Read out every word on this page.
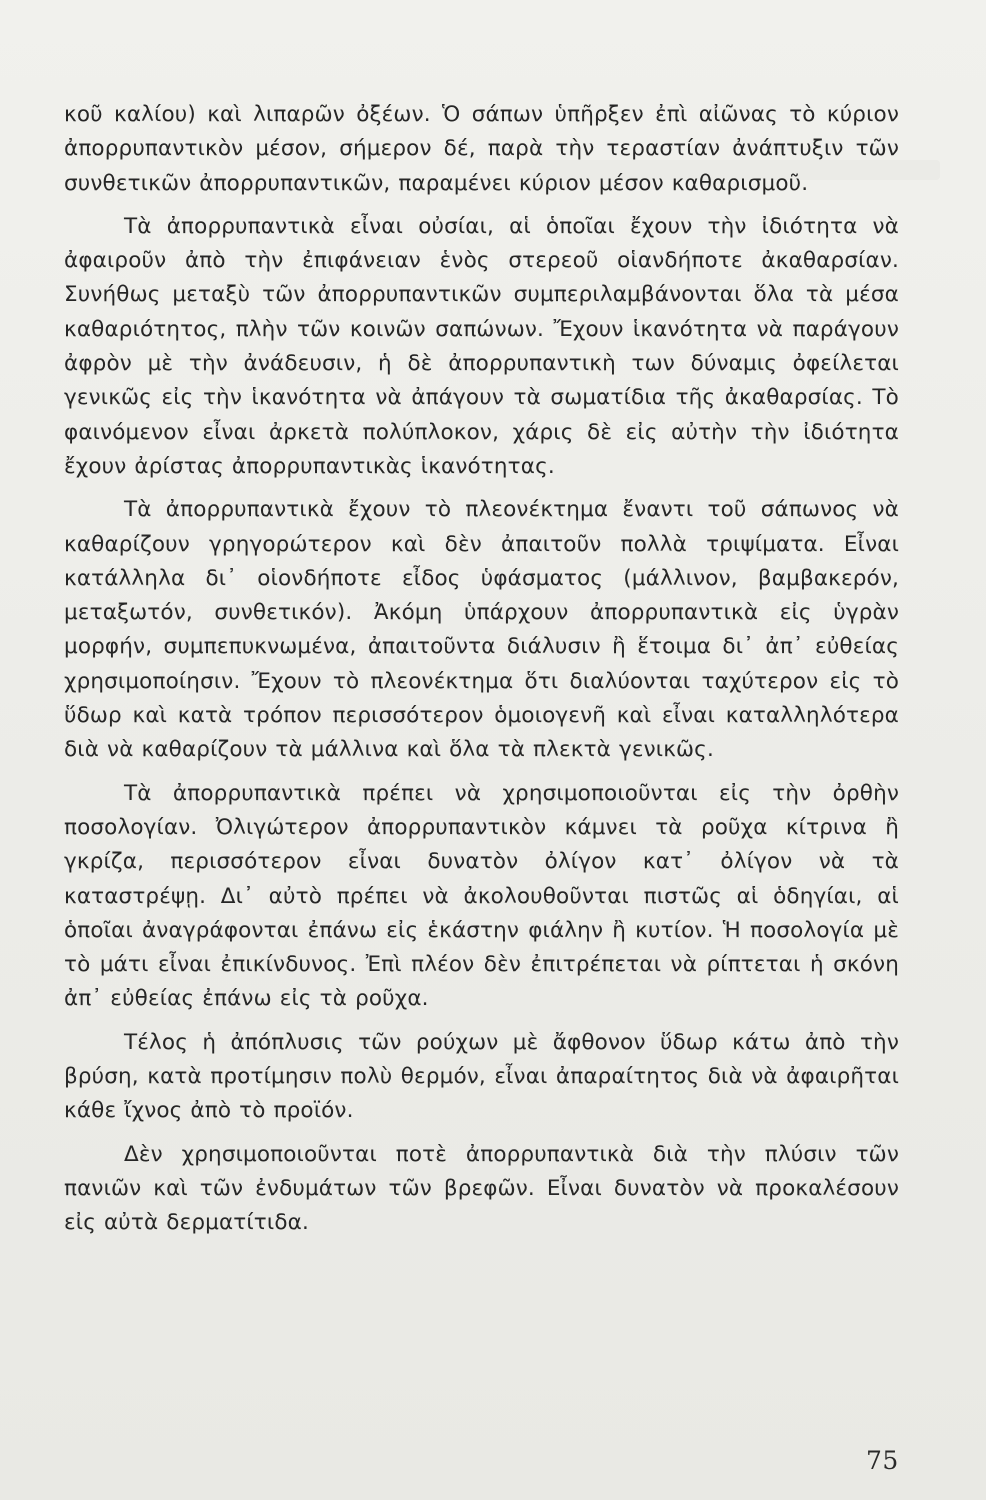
κοῦ καλίου) καὶ λιπαρῶν ὀξέων. Ὁ σάπων ὑπῆρξεν ἐπὶ αἰῶνας τὸ κύριον ἀπορρυπαντικὸν μέσον, σήμερον δέ, παρὰ τὴν τεραστίαν ἀνάπτυξιν τῶν συνθετικῶν ἀπορρυπαντικῶν, παραμένει κύριον μέσον καθαρισμοῦ.

Τὰ ἀπορρυπαντικὰ εἶναι οὐσίαι, αἱ ὁποῖαι ἔχουν τὴν ἰδιότητα νὰ ἀφαιροῦν ἀπὸ τὴν ἐπιφάνειαν ἑνὸς στερεοῦ οἱανδήποτε ἀκαθαρσίαν. Συνήθως μεταξὺ τῶν ἀπορρυπαντικῶν συμπεριλαμβάνονται ὅλα τὰ μέσα καθαριότητος, πλὴν τῶν κοινῶν σαπώνων. Ἔχουν ἱκανότητα νὰ παράγουν ἀφρὸν μὲ τὴν ἀνάδευσιν, ἡ δὲ ἀπορρυπαντικὴ των δύναμις ὀφείλεται γενικῶς εἰς τὴν ἱκανότητα νὰ ἀπάγουν τὰ σωματίδια τῆς ἀκαθαρσίας. Τὸ φαινόμενον εἶναι ἀρκετὰ πολύπλοκον, χάρις δὲ εἰς αὐτὴν τὴν ἰδιότητα ἔχουν ἀρίστας ἀπορρυπαντικὰς ἱκανότητας.

Τὰ ἀπορρυπαντικὰ ἔχουν τὸ πλεονέκτημα ἔναντι τοῦ σάπωνος νὰ καθαρίζουν γρηγορώτερον καὶ δὲν ἀπαιτοῦν πολλὰ τριψίματα. Εἶναι κατάλληλα δι᾿ οἱονδήποτε εἶδος ὑφάσματος (μάλλινον, βαμβακερόν, μεταξωτόν, συνθετικόν). Ἀκόμη ὑπάρχουν ἀπορρυπαντικὰ εἰς ὑγρὰν μορφήν, συμπεπυκνωμένα, ἀπαιτοῦντα διάλυσιν ἢ ἕτοιμα δι᾿ ἀπ᾿ εὐθείας χρησιμοποίησιν. Ἔχουν τὸ πλεονέκτημα ὅτι διαλύονται ταχύτερον εἰς τὸ ὕδωρ καὶ κατὰ τρόπον περισσότερον ὁμοιογενῆ καὶ εἶναι καταλληλότερα διὰ νὰ καθαρίζουν τὰ μάλλινα καὶ ὅλα τὰ πλεκτὰ γενικῶς.

Τὰ ἀπορρυπαντικὰ πρέπει νὰ χρησιμοποιοῦνται εἰς τὴν ὀρθὴν ποσολογίαν. Ὀλιγώτερον ἀπορρυπαντικὸν κάμνει τὰ ροῦχα κίτρινα ἢ γκρίζα, περισσότερον εἶναι δυνατὸν ὀλίγον κατ᾿ ὀλίγον νὰ τὰ καταστρέψῃ. Δι᾿ αὐτὸ πρέπει νὰ ἀκολουθοῦνται πιστῶς αἱ ὁδηγίαι, αἱ ὁποῖαι ἀναγράφονται ἐπάνω εἰς ἑκάστην φιάλην ἢ κυτίον. Ἡ ποσολογία μὲ τὸ μάτι εἶναι ἐπικίνδυνος. Ἐπὶ πλέον δὲν ἐπιτρέπεται νὰ ρίπτεται ἡ σκόνη ἀπ᾿ εὐθείας ἐπάνω εἰς τὰ ροῦχα.

Τέλος ἡ ἀπόπλυσις τῶν ρούχων μὲ ἄφθονον ὕδωρ κάτω ἀπὸ τὴν βρύση, κατὰ προτίμησιν πολὺ θερμόν, εἶναι ἀπαραίτητος διὰ νὰ ἀφαιρῆται κάθε ἴχνος ἀπὸ τὸ προϊόν.

Δὲν χρησιμοποιοῦνται ποτὲ ἀπορρυπαντικὰ διὰ τὴν πλύσιν τῶν πανιῶν καὶ τῶν ἐνδυμάτων τῶν βρεφῶν. Εἶναι δυνατὸν νὰ προκαλέσουν εἰς αὐτὰ δερματίτιδα.

75
